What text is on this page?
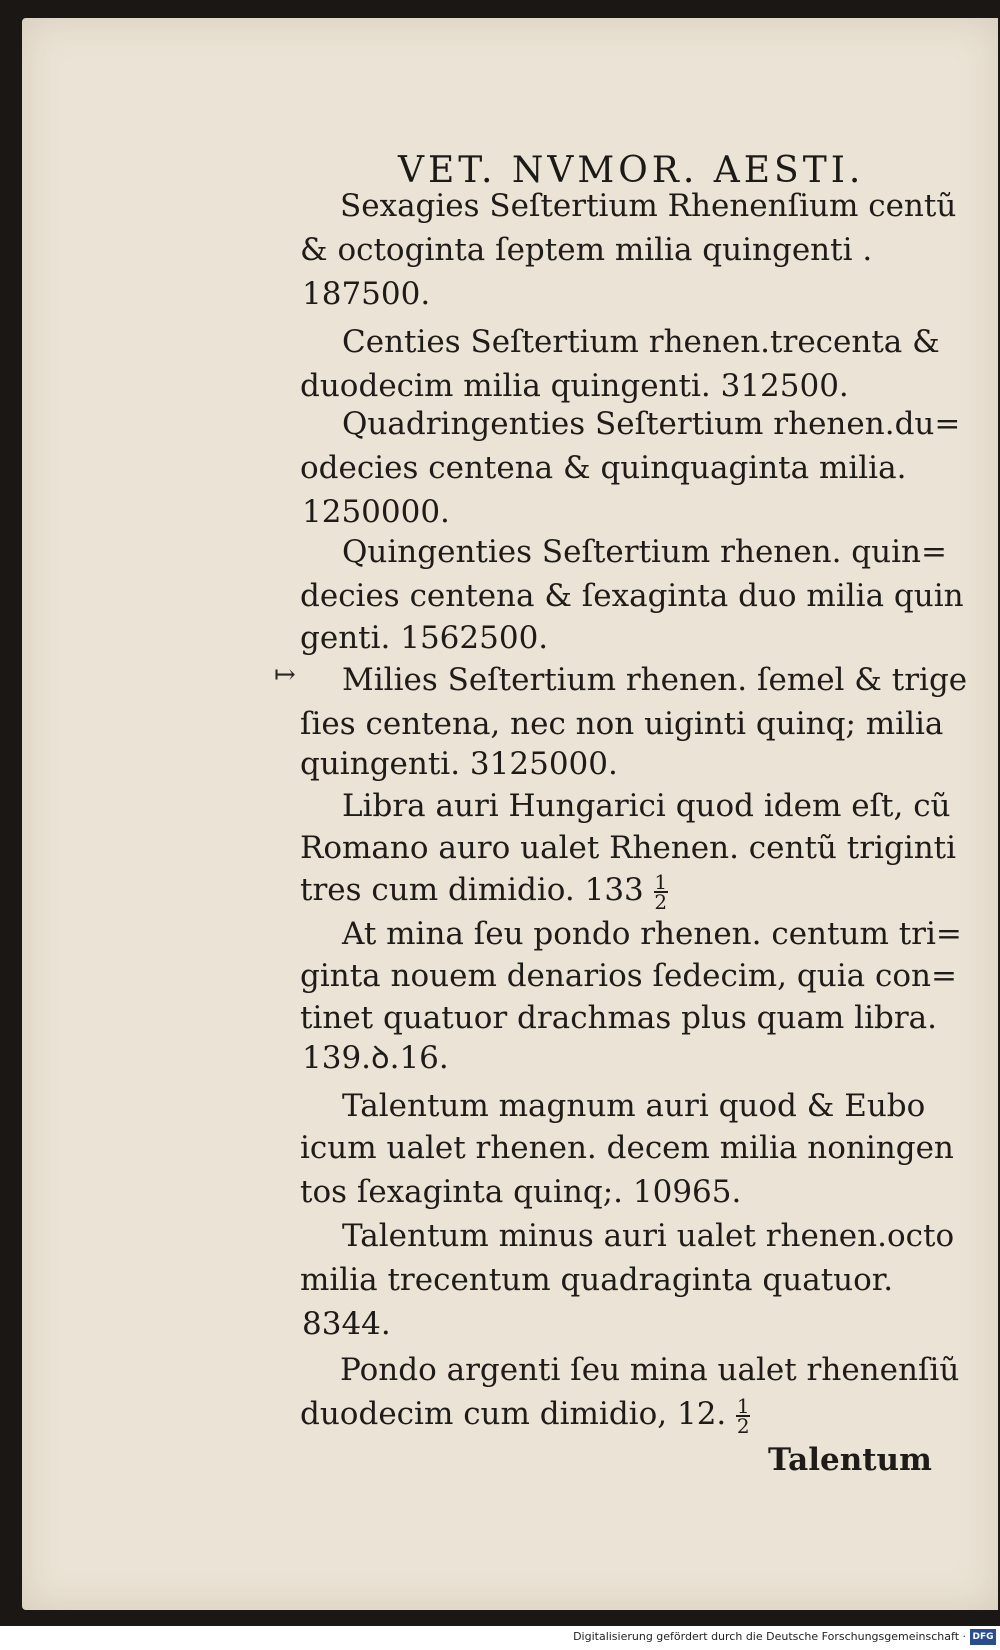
VET. NVMOR. AESTI.
↦
Sexagies Seſtertium Rhenenſium centũ
& octoginta ſeptem milia quingenti .
187500.
Centies Seſtertium rhenen.trecenta &
duodecim milia quingenti. 312500.
Quadringenties Seſtertium rhenen.du=
odecies centena & quinquaginta milia.
1250000.
Quingenties Seſtertium rhenen. quin=
decies centena & ſexaginta duo milia quin
genti. 1562500.
Milies Seſtertium rhenen. ſemel & trige
ſies centena, nec non uiginti quinq; milia
quingenti. 3125000.
Libra auri Hungarici quod idem eſt, cũ
Romano auro ualet Rhenen. centũ triginti
tres cum dimidio. $133 \frac{1}{2}$
At mina ſeu pondo rhenen. centum tri=
ginta nouem denarios ſedecim, quia con=
tinet quatuor drachmas plus quam libra.
139.ꝺ.16.
Talentum magnum auri quod & Eubo
icum ualet rhenen. decem milia noningen
tos ſexaginta quinq;. 10965.
Talentum minus auri ualet rhenen.octo
milia trecentum quadraginta quatuor.
8344.
Pondo argenti ſeu mina ualet rhenenſiũ
duodecim cum dimidio, 12. $\frac{1}{2}$
Talentum
Digitalisierung gefördert durch die Deutsche Forschungsgemeinschaft · DFG
